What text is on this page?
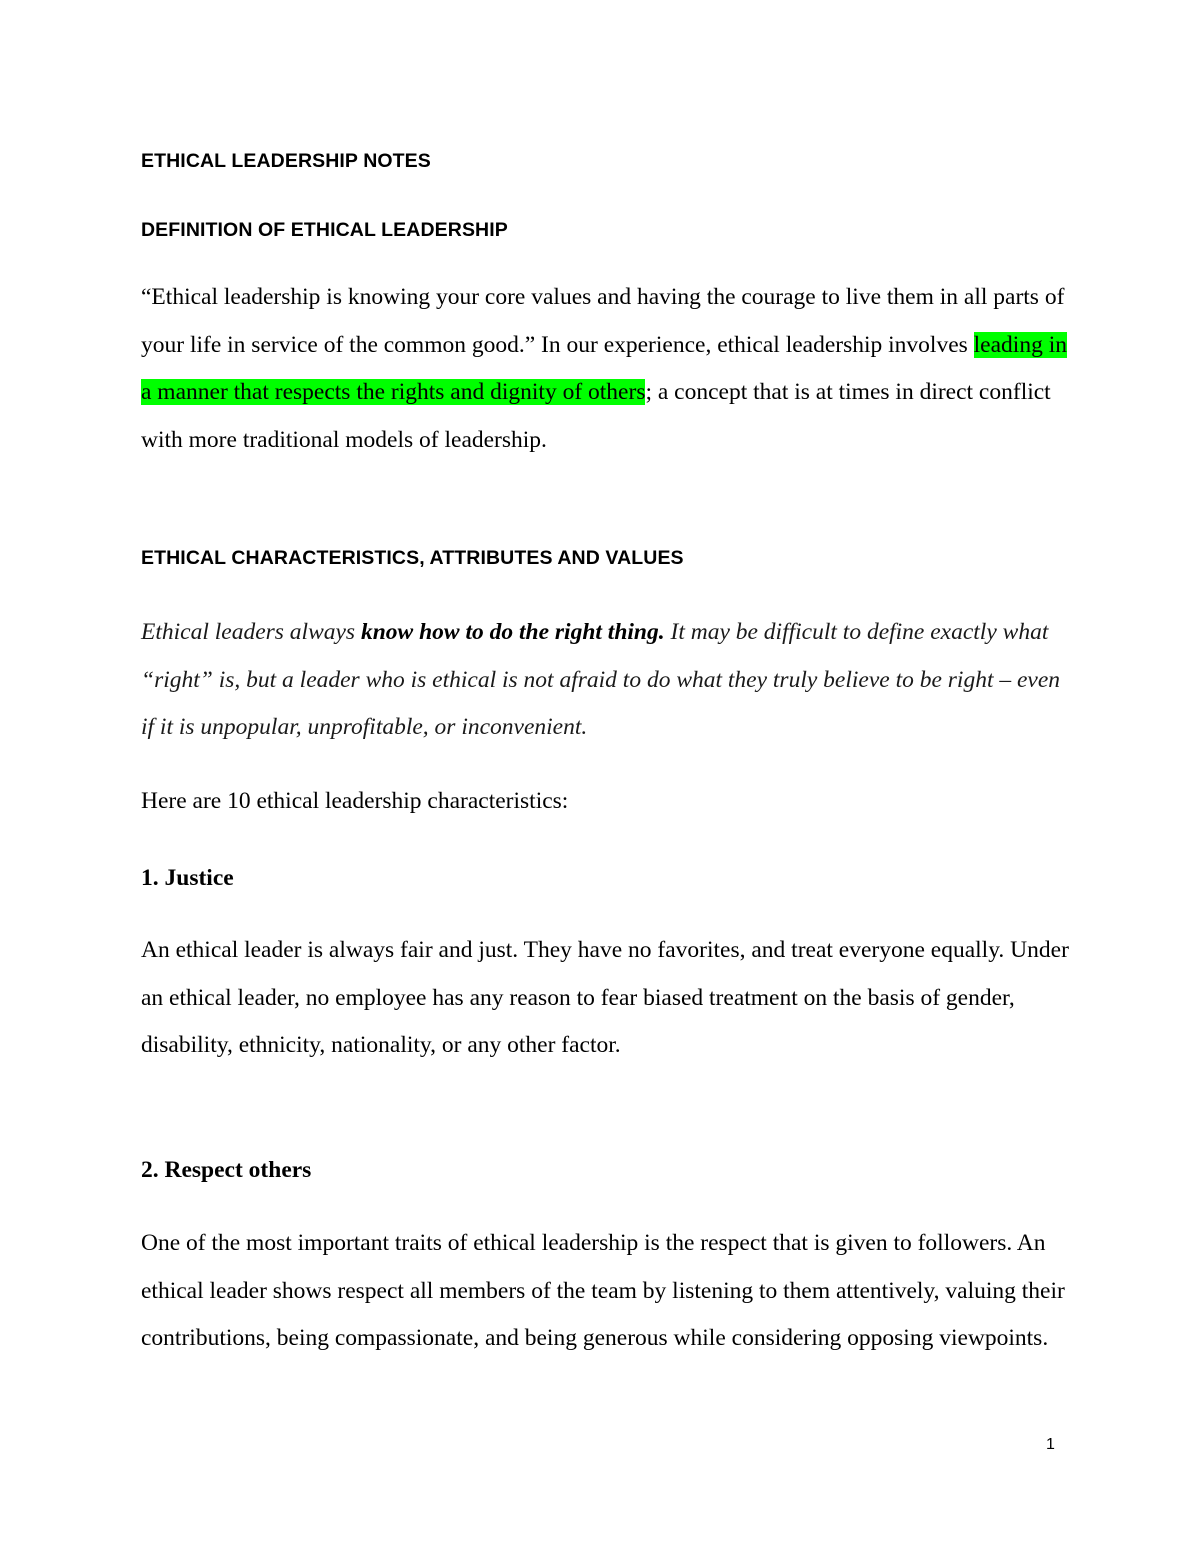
ETHICAL LEADERSHIP NOTES
DEFINITION OF ETHICAL LEADERSHIP

“Ethical leadership is knowing your core values and having the courage to live them in all parts of your life in service of the common good.” In our experience, ethical leadership involves leading in a manner that respects the rights and dignity of others; a concept that is at times in direct conflict with more traditional models of leadership.

ETHICAL CHARACTERISTICS, ATTRIBUTES AND VALUES

Ethical leaders always know how to do the right thing. It may be difficult to define exactly what “right” is, but a leader who is ethical is not afraid to do what they truly believe to be right – even if it is unpopular, unprofitable, or inconvenient.

Here are 10 ethical leadership characteristics:

1. Justice

An ethical leader is always fair and just. They have no favorites, and treat everyone equally. Under an ethical leader, no employee has any reason to fear biased treatment on the basis of gender, disability, ethnicity, nationality, or any other factor.

2. Respect others

One of the most important traits of ethical leadership is the respect that is given to followers. An ethical leader shows respect all members of the team by listening to them attentively, valuing their contributions, being compassionate, and being generous while considering opposing viewpoints.

1
